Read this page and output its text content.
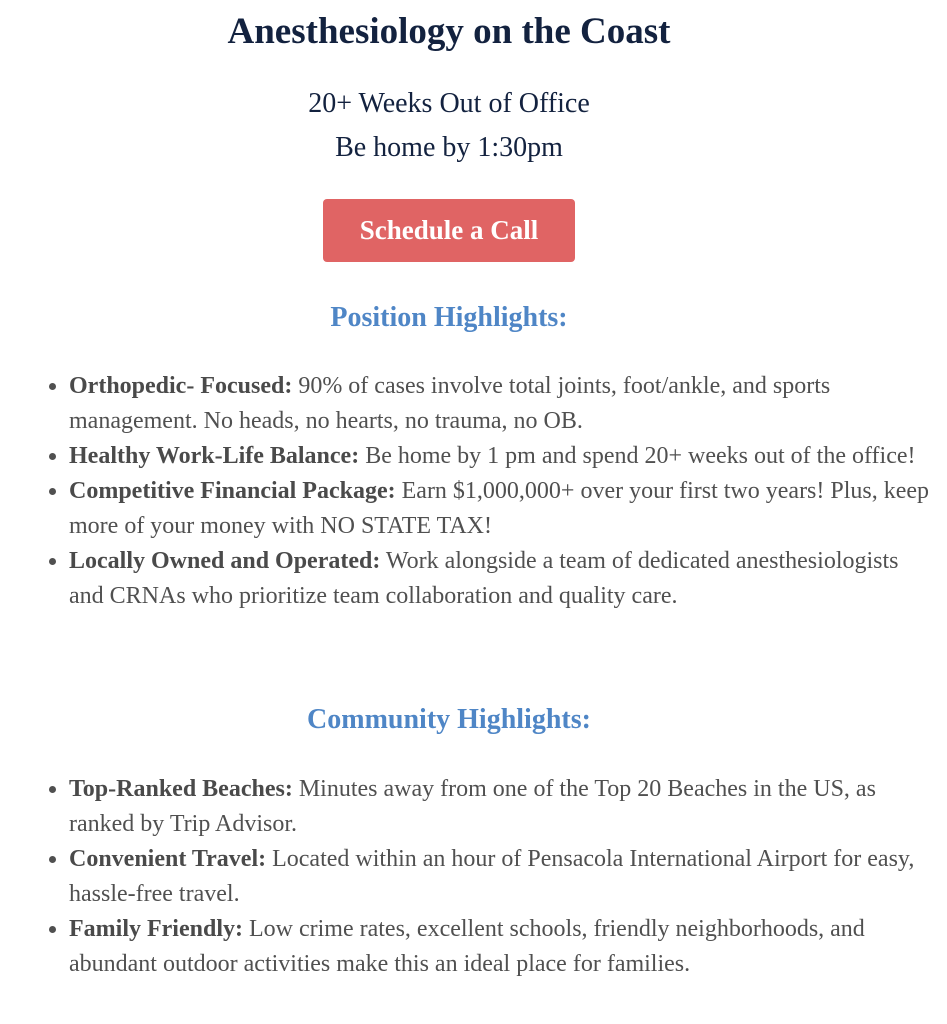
Anesthesiology on the Coast
20+ Weeks Out of Office
Be home by 1:30pm
Schedule a Call
Position Highlights:
• Orthopedic- Focused: 90% of cases involve total joints, foot/ankle, and sports management. No heads, no hearts, no trauma, no OB.
• Healthy Work-Life Balance: Be home by 1 pm and spend 20+ weeks out of the office!
• Competitive Financial Package: Earn $1,000,000+ over your first two years! Plus, keep more of your money with NO STATE TAX!
• Locally Owned and Operated: Work alongside a team of dedicated anesthesiologists and CRNAs who prioritize team collaboration and quality care.
Community Highlights:
• Top-Ranked Beaches: Minutes away from one of the Top 20 Beaches in the US, as ranked by Trip Advisor.
• Convenient Travel: Located within an hour of Pensacola International Airport for easy, hassle-free travel.
• Family Friendly: Low crime rates, excellent schools, friendly neighborhoods, and abundant outdoor activities make this an ideal place for families.
